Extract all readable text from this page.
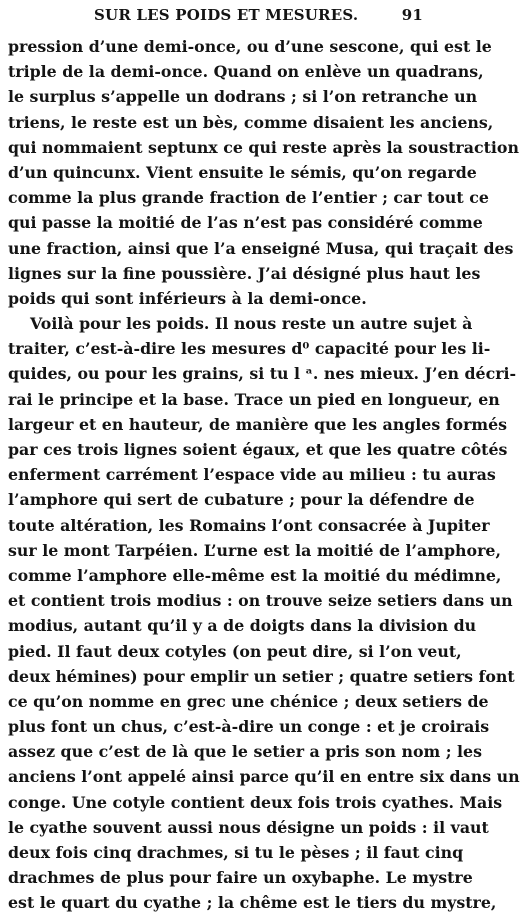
SUR LES POIDS ET MESURES.	91
pression d’une demi-once, ou d’une sescone, qui est le
triple de la demi-once. Quand on enlève un quadrans,
le surplus s’appelle un dodrans ; si l’on retranche un
triens, le reste est un bès, comme disaient les anciens,
qui nommaient septunx ce qui reste après la soustraction
d’un quincunx. Vient ensuite le sémis, qu’on regarde
comme la plus grande fraction de l’entier ; car tout ce
qui passe la moitié de l’as n’est pas considéré comme
une fraction, ainsi que l’a enseigné Musa, qui traçait des
lignes sur la fine poussière. J’ai désigné plus haut les
poids qui sont inférieurs à la demi-once.
Voilà pour les poids. Il nous reste un autre sujet à
traiter, c’est-à-dire les mesures d⁰ capacité pour les li-
quides, ou pour les grains, si tu l ᵃ. nes mieux. J’en décri-
rai le principe et la base. Trace un pied en longueur, en
largeur et en hauteur, de manière que les angles formés
par ces trois lignes soient égaux, et que les quatre côtés
enferment carrément l’espace vide au milieu : tu auras
l’amphore qui sert de cubature ; pour la défendre de
toute altération, les Romains l’ont consacrée à Jupiter
sur le mont Tarpéien. L’urne est la moitié de l’amphore,
comme l’amphore elle-même est la moitié du médimne,
et contient trois modius : on trouve seize setiers dans un
modius, autant qu’il y a de doigts dans la division du
pied. Il faut deux cotyles (on peut dire, si l’on veut,
deux hémines) pour emplir un setier ; quatre setiers font
ce qu’on nomme en grec une chénice ; deux setiers de
plus font un chus, c’est-à-dire un conge : et je croirais
assez que c’est de là que le setier a pris son nom ; les
anciens l’ont appelé ainsi parce qu’il en entre six dans un
conge. Une cotyle contient deux fois trois cyathes. Mais
le cyathe souvent aussi nous désigne un poids : il vaut
deux fois cinq drachmes, si tu le pèses ; il faut cinq
drachmes de plus pour faire un oxybaphe. Le mystre
est le quart du cyathe ; la chême est le tiers du mystre,
